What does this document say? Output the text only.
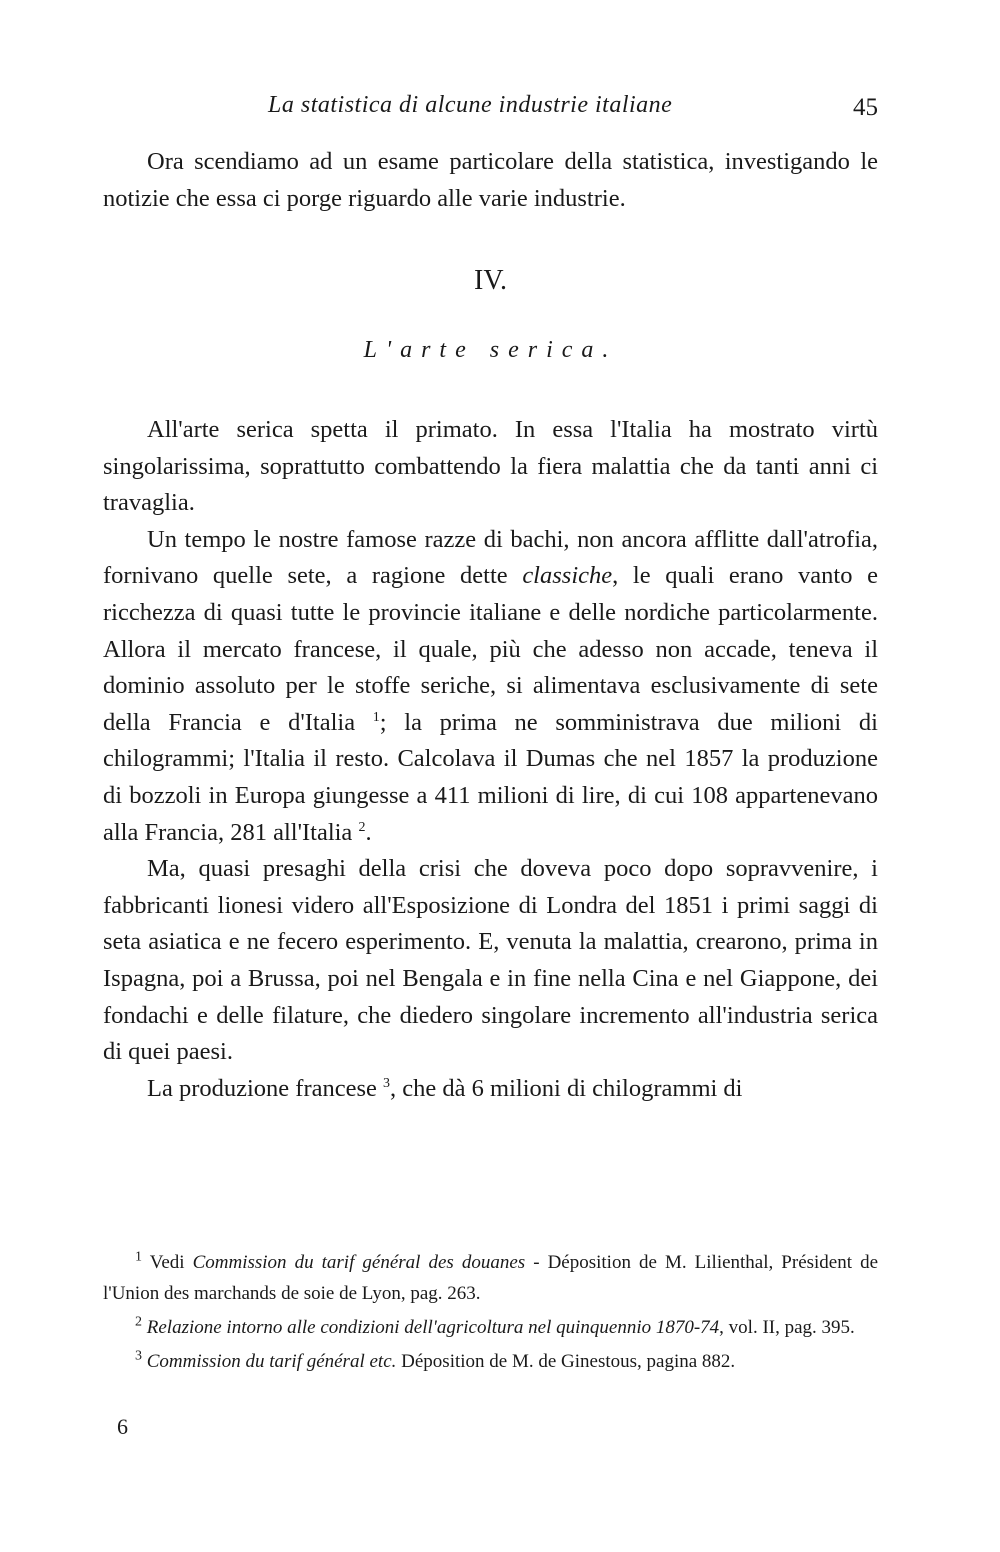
La statistica di alcune industrie italiane	45

Ora scendiamo ad un esame particolare della statistica, investigando le notizie che essa ci porge riguardo alle varie industrie.

IV.
L'arte serica.

All'arte serica spetta il primato. In essa l'Italia ha mostrato virtù singolarissima, soprattutto combattendo la fiera malattia che da tanti anni ci travaglia.

Un tempo le nostre famose razze di bachi, non ancora afflitte dall'atrofia, fornivano quelle sete, a ragione dette classiche, le quali erano vanto e ricchezza di quasi tutte le provincie italiane e delle nordiche particolarmente. Allora il mercato francese, il quale, più che adesso non accade, teneva il dominio assoluto per le stoffe seriche, si alimentava esclusivamente di sete della Francia e d'Italia $^1$; la prima ne somministrava due milioni di chilogrammi; l'Italia il resto. Calcolava il Dumas che nel 1857 la produzione di bozzoli in Europa giungesse a 411 milioni di lire, di cui 108 appartenevano alla Francia, 281 all'Italia $^2$.

Ma, quasi presaghi della crisi che doveva poco dopo sopravvenire, i fabbricanti lionesi videro all'Esposizione di Londra del 1851 i primi saggi di seta asiatica e ne fecero esperimento. E, venuta la malattia, crearono, prima in Ispagna, poi a Brussa, poi nel Bengala e in fine nella Cina e nel Giappone, dei fondachi e delle filature, che diedero singolare incremento all'industria serica di quei paesi.

La produzione francese $^3$, che dà 6 milioni di chilogrammi di

$^1$ Vedi Commission du tarif général des douanes - Déposition de M. Lilienthal, Président de l'Union des marchands de soie de Lyon, pag. 263.

$^2$ Relazione intorno alle condizioni dell'agricoltura nel quinquennio 1870-74, vol. II, pag. 395.

$^3$ Commission du tarif général etc. Déposition de M. de Ginestous, pagina 882.

6
